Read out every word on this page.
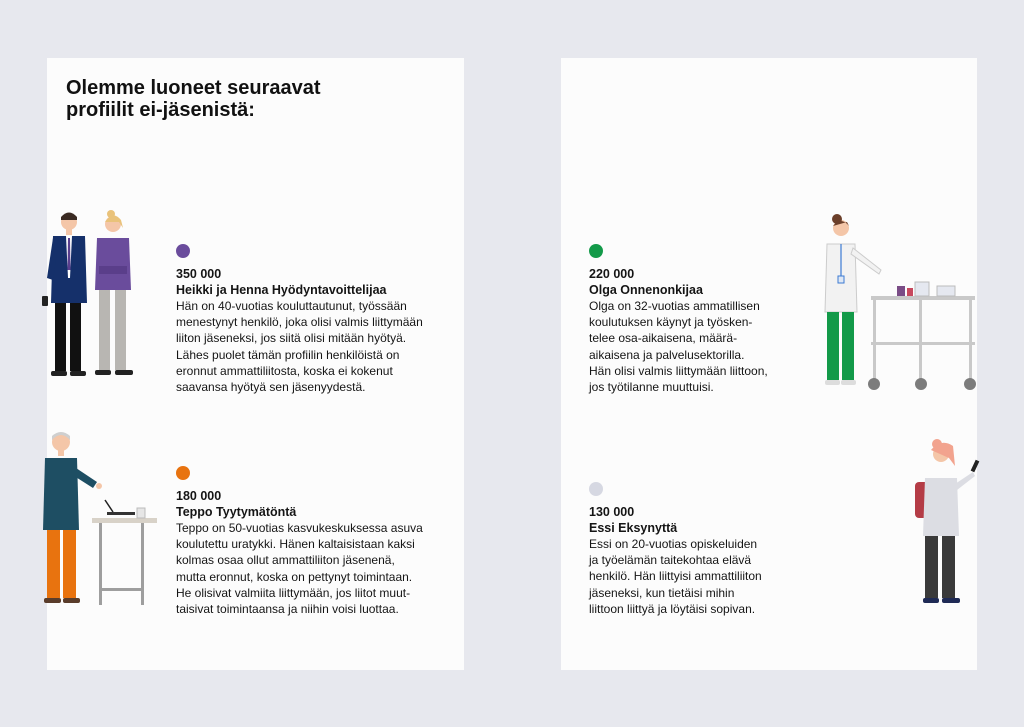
Olemme luoneet seuraavat
profiilit ei-jäsenistä:
350 000
Heikki ja Henna Hyödyntavoittelijaa
Hän on 40-vuotias kouluttautunut, työssään
menestynyt henkilö, joka olisi valmis liittymään
liiton jäseneksi, jos siitä olisi mitään hyötyä.
Lähes puolet tämän profiilin henkilöistä on
eronnut ammattiliitosta, koska ei kokenut
saavansa hyötyä sen jäsenyydestä.
180 000
Teppo Tyytymätöntä
Teppo on 50-vuotias kasvukeskuksessa asuva
koulutettu uratykki. Hänen kaltaisistaan kaksi
kolmas osaa ollut ammattiliiton jäsenenä,
mutta eronnut, koska on pettynyt toimintaan.
He olisivat valmiita liittymään, jos liitot muut-
taisivat toimintaansa ja niihin voisi luottaa.
220 000
Olga Onnenonkijaa
Olga on 32-vuotias ammatillisen
koulutuksen käynyt ja työsken-
telee osa-aikaisena, määrä-
aikaisena ja palvelusektorilla.
Hän olisi valmis liittymään liittoon,
jos työtilanne muuttuisi.
130 000
Essi Eksynyttä
Essi on 20-vuotias opiskeluiden
ja työelämän taitekohtaa elävä
henkilö. Hän liittyisi ammattiliiton
jäseneksi, kun tietäisi mihin
liittoon liittyä ja löytäisi sopivan.
